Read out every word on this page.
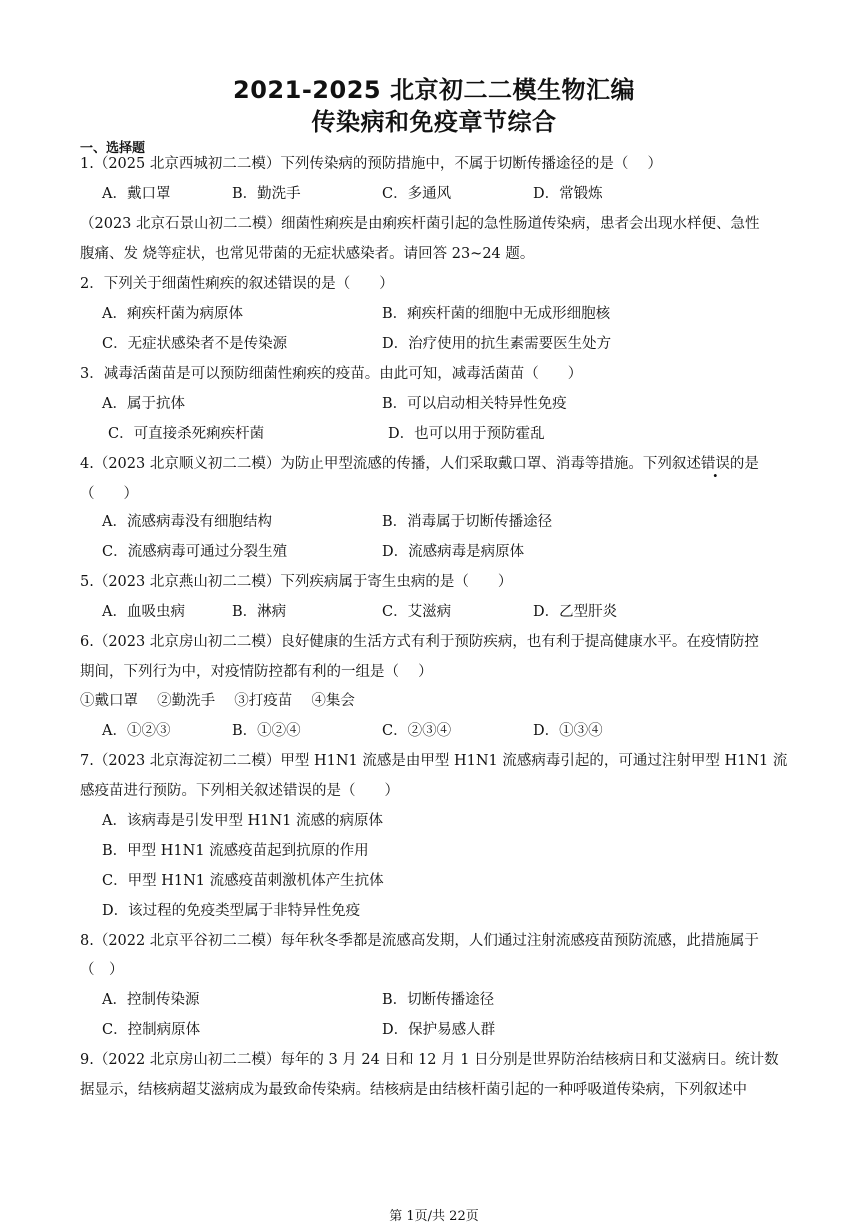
2021-2025 北京初二二模生物汇编
传染病和免疫章节综合
一、选择题
1.（2025 北京西城初二二模）下列传染病的预防措施中，不属于切断传播途径的是（　 ）
A．戴口罩	B．勤洗手	C．多通风	D．常锻炼
（2023 北京石景山初二二模）细菌性痢疾是由痢疾杆菌引起的急性肠道传染病，患者会出现水样便、急性
腹痛、发 烧等症状，也常见带菌的无症状感染者。请回答 23~24 题。
2．下列关于细菌性痢疾的叙述错误的是（　　）
A．痢疾杆菌为病原体	B．痢疾杆菌的细胞中无成形细胞核
C．无症状感染者不是传染源	D．治疗使用的抗生素需要医生处方
3．减毒活菌苗是可以预防细菌性痢疾的疫苗。由此可知，减毒活菌苗（　　）
A．属于抗体	B．可以启动相关特异性免疫
C．可直接杀死痢疾杆菌	D．也可以用于预防霍乱
4.（2023 北京顺义初二二模）为防止甲型流感的传播，人们采取戴口罩、消毒等措施。下列叙述错误的是
（　　）
A．流感病毒没有细胞结构	B．消毒属于切断传播途径
C．流感病毒可通过分裂生殖	D．流感病毒是病原体
5.（2023 北京燕山初二二模）下列疾病属于寄生虫病的是（　　）
A．血吸虫病	B．淋病	C．艾滋病	D．乙型肝炎
6.（2023 北京房山初二二模）良好健康的生活方式有利于预防疾病，也有利于提高健康水平。在疫情防控
期间，下列行为中，对疫情防控都有利的一组是（　 ）
①戴口罩　 ②勤洗手　 ③打疫苗　 ④集会
A．①②③	B．①②④	C．②③④	D．①③④
7.（2023 北京海淀初二二模）甲型 H1N1 流感是由甲型 H1N1 流感病毒引起的，可通过注射甲型 H1N1 流
感疫苗进行预防。下列相关叙述错误的是（　　）
A．该病毒是引发甲型 H1N1 流感的病原体
B．甲型 H1N1 流感疫苗起到抗原的作用
C．甲型 H1N1 流感疫苗刺激机体产生抗体
D．该过程的免疫类型属于非特异性免疫
8.（2022 北京平谷初二二模）每年秋冬季都是流感高发期，人们通过注射流感疫苗预防流感，此措施属于
（　）
A．控制传染源	B．切断传播途径
C．控制病原体	D．保护易感人群
9.（2022 北京房山初二二模）每年的 3 月 24 日和 12 月 1 日分别是世界防治结核病日和艾滋病日。统计数
据显示，结核病超艾滋病成为最致命传染病。结核病是由结核杆菌引起的一种呼吸道传染病，下列叙述中
第 1页/共 22页
